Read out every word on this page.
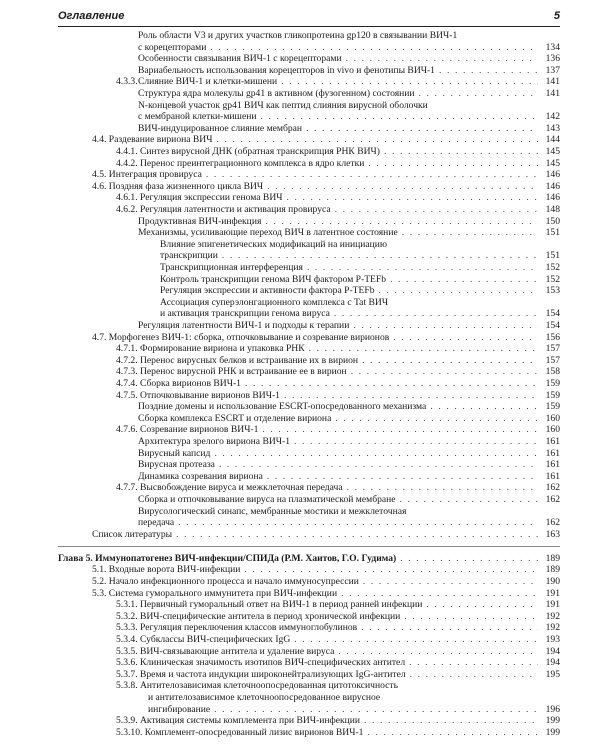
Оглавление	5
Роль области V3 и других участков гликопротеина gp120 в связывании ВИЧ-1
с корецепторами . . .	134
Особенности связывания ВИЧ-1 с корецепторами . . .	136
Вариабельность использования корецепторов in vivo и фенотипы ВИЧ-1 . . .	137
4.3.3. Слияние ВИЧ-1 и клетки-мишени . . .	141
Структура ядра молекулы gp41 в активном (фузогенном) состоянии . . .	141
N-концевой участок gp41 ВИЧ как пептид слияния вирусной оболочки
с мембраной клетки-мишени . . .	142
ВИЧ-индуцированное слияние мембран . . .	143
4.4. Раздевание вириона ВИЧ . . .	144
4.4.1. Синтез вирусной ДНК (обратная транскрипция РНК ВИЧ) . . .	145
4.4.2. Перенос преинтеграционного комплекса в ядро клетки . . .	145
4.5. Интеграция провируса . . .	146
4.6. Поздняя фаза жизненного цикла ВИЧ . . .	146
4.6.1. Регуляция экспрессии генома ВИЧ . . .	146
4.6.2. Регуляция латентности и активация провируса . . .	148
Продуктивная ВИЧ-инфекция . . .	150
Механизмы, усиливающие переход ВИЧ в латентное состояние . . .	151
Влияние эпигенетических модификаций на инициацию
транскрипции . . .	151
Транскрипционная интерференция . . .	152
Контроль транскрипции генома ВИЧ фактором P-TEFb . . .	152
Регуляция экспрессии и активности фактора P-TEFb . . .	153
Ассоциация суперэлонгационного комплекса с Tat ВИЧ
и активация транскрипции генома вируса . . .	154
Регуляция латентности ВИЧ-1 и подходы к терапии . . .	154
4.7. Морфогенез ВИЧ-1: сборка, отпочковывание и созревание вирионов . . .	156
4.7.1. Формирование вириона и упаковка РНК . . .	157
4.7.2. Перенос вирусных белков и встраивание их в вирион . . .	157
4.7.3. Перенос вирусной РНК и встраивание ее в вирион . . .	158
4.7.4. Сборка вирионов ВИЧ-1 . . .	159
4.7.5. Отпочковывание вирионов ВИЧ-1 . . .	159
Поздние домены и использование ESCRT-опосредованного механизма . . .	159
Сборка комплекса ESCRT и отделение вириона . . .	160
4.7.6. Созревание вирионов ВИЧ-1 . . .	160
Архитектура зрелого вириона ВИЧ-1 . . .	161
Вирусный капсид . . .	161
Вирусная протеаза . . .	161
Динамика созревания вириона . . .	161
4.7.7. Высвобождение вируса и межклеточная передача . . .	162
Сборка и отпочковывание вируса на плазматической мембране . . .	162
Вирусологический синапс, мембранные мостики и межклеточная
передача . . .	162
Список литературы . . .	163
Глава 5. Иммунопатогенез ВИЧ-инфекции/СПИДа (Р.М. Хаитов, Г.О. Гудима) . . .	189
5.1. Входные ворота ВИЧ-инфекции . . .	189
5.2. Начало инфекционного процесса и начало иммуносупрессии . . .	190
5.3. Система гуморального иммунитета при ВИЧ-инфекции . . .	191
5.3.1. Первичный гуморальный ответ на ВИЧ-1 в период ранней инфекции . . .	191
5.3.2. ВИЧ-специфические антитела в период хронической инфекции . . .	192
5.3.3. Регуляция переключения классов иммуноглобулинов . . .	192
5.3.4. Субклассы ВИЧ-специфических IgG . . .	193
5.3.5. ВИЧ-связывающие антитела и удаление вируса . . .	194
5.3.6. Клиническая значимость изотипов ВИЧ-специфических антител . . .	194
5.3.7. Время и частота индукции широконейтрализующих IgG-антител . . .	195
5.3.8. Антителозависимая клеточноопосредованная цитотоксичность
и антителозависимое клеточноопосредованное вирусное
ингибирование . . .	196
5.3.9. Активация системы комплемента при ВИЧ-инфекции . . .	199
5.3.10. Комплемент-опосредованный лизис вирионов ВИЧ-1 . . .	199
